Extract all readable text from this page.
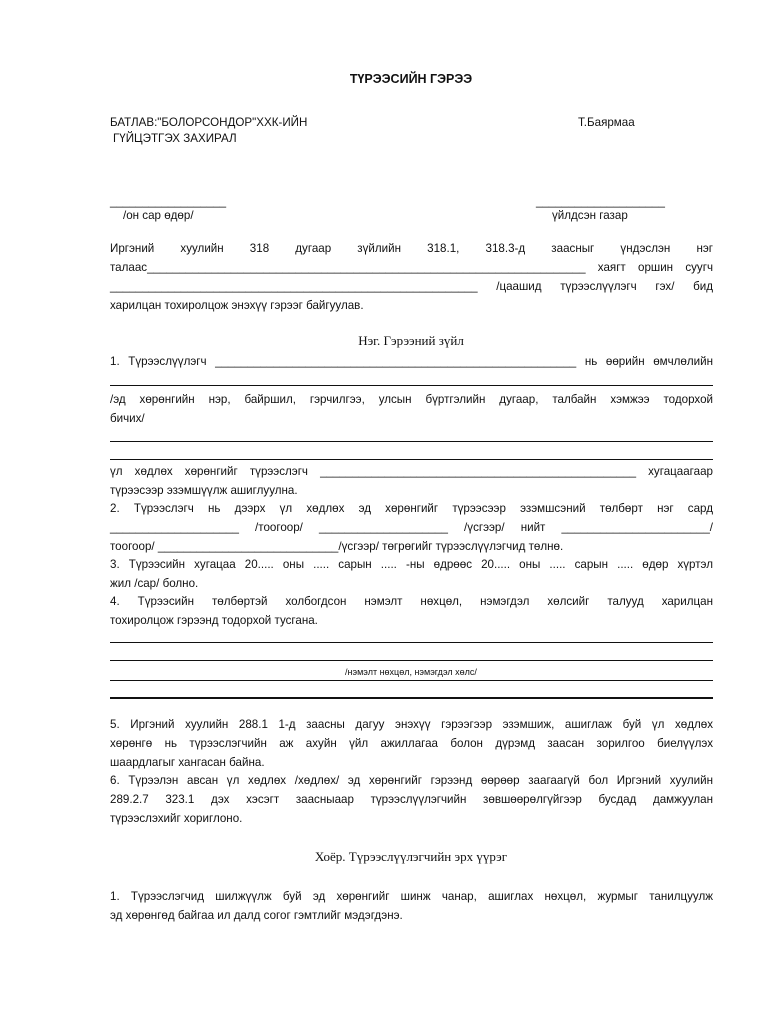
ТҮРЭЭСИЙН ГЭРЭЭ
БАТЛАВ:"БОЛОРСОНДОР"ХХК-ИЙН
ГҮЙЦЭТГЭХ ЗАХИРАЛ
Т.Баярмаа
__________________
/он сар өдөр/
____________________
үйлдсэн газар
Иргэний хуулийн 318 дугаар зүйлийн 318.1, 318.3-д заасныг үндэслэн нэг
талаас____________________________________________________________________ хаягт оршин суугч
_________________________________________________________ /цаашид түрээслүүлэгч гэх/ бид
харилцан тохиролцож энэхүү гэрээг байгуулав.
Нэг. Гэрээний зүйл
1. Түрээслүүлэгч ________________________________________________________ нь өөрийн өмчлөлийн
/эд хөрөнгийн нэр, байршил, гэрчилгээ, улсын бүртгэлийн дугаар, талбайн хэмжээ тодорхой
бичих/
үл хөдлөх хөрөнгийг түрээслэгч _________________________________________________ хугацаагаар
түрээсээр эзэмшүүлж ашиглуулна.
2. Түрээслэгч нь дээрх үл хөдлөх эд хөрөнгийг түрээсээр эзэмшсэний төлбөрт нэг сард
____________________ /тоогоор/ ____________________ /үсгээр/ нийт _______________________/
тоогоор/ ____________________________/үсгээр/ төгрөгийг түрээслүүлэгчид төлнө.
3. Түрээсийн хугацаа 20..... оны ..... сарын ..... -ны өдрөөс 20..... оны ..... сарын ..... өдөр хүртэл
жил /сар/ болно.
4. Түрээсийн төлбөртэй холбогдсон нэмэлт нөхцөл, нэмэгдэл хөлсийг талууд харилцан
тохиролцож гэрээнд тодорхой тусгана.
/нэмэлт нөхцөл, нэмэгдэл хөлс/
5. Иргэний хуулийн 288.1 1-д заасны дагуу энэхүү гэрээгээр эзэмшиж, ашиглаж буй үл хөдлөх
хөрөнгө нь түрээслэгчийн аж ахуйн үйл ажиллагаа болон дүрэмд заасан зорилгоо биелүүлэх
шаардлагыг хангасан байна.
6. Түрээлэн авсан үл хөдлөх /хөдлөх/ эд хөрөнгийг гэрээнд өөрөөр заагаагүй бол Иргэний хуулийн
289.2.7 323.1 дэх хэсэгт заасныаар түрээслүүлэгчийн зөвшөөрөлгүйгээр бусдад дамжуулан
түрээслэхийг хориглоно.
Хоёр. Түрээслүүлэгчийн эрх үүрэг
1. Түрээслэгчид шилжүүлж буй эд хөрөнгийг шинж чанар, ашиглах нөхцөл, журмыг танилцуулж
эд хөрөнгөд байгаа ил далд согог гэмтлийг мэдэгдэнэ.
